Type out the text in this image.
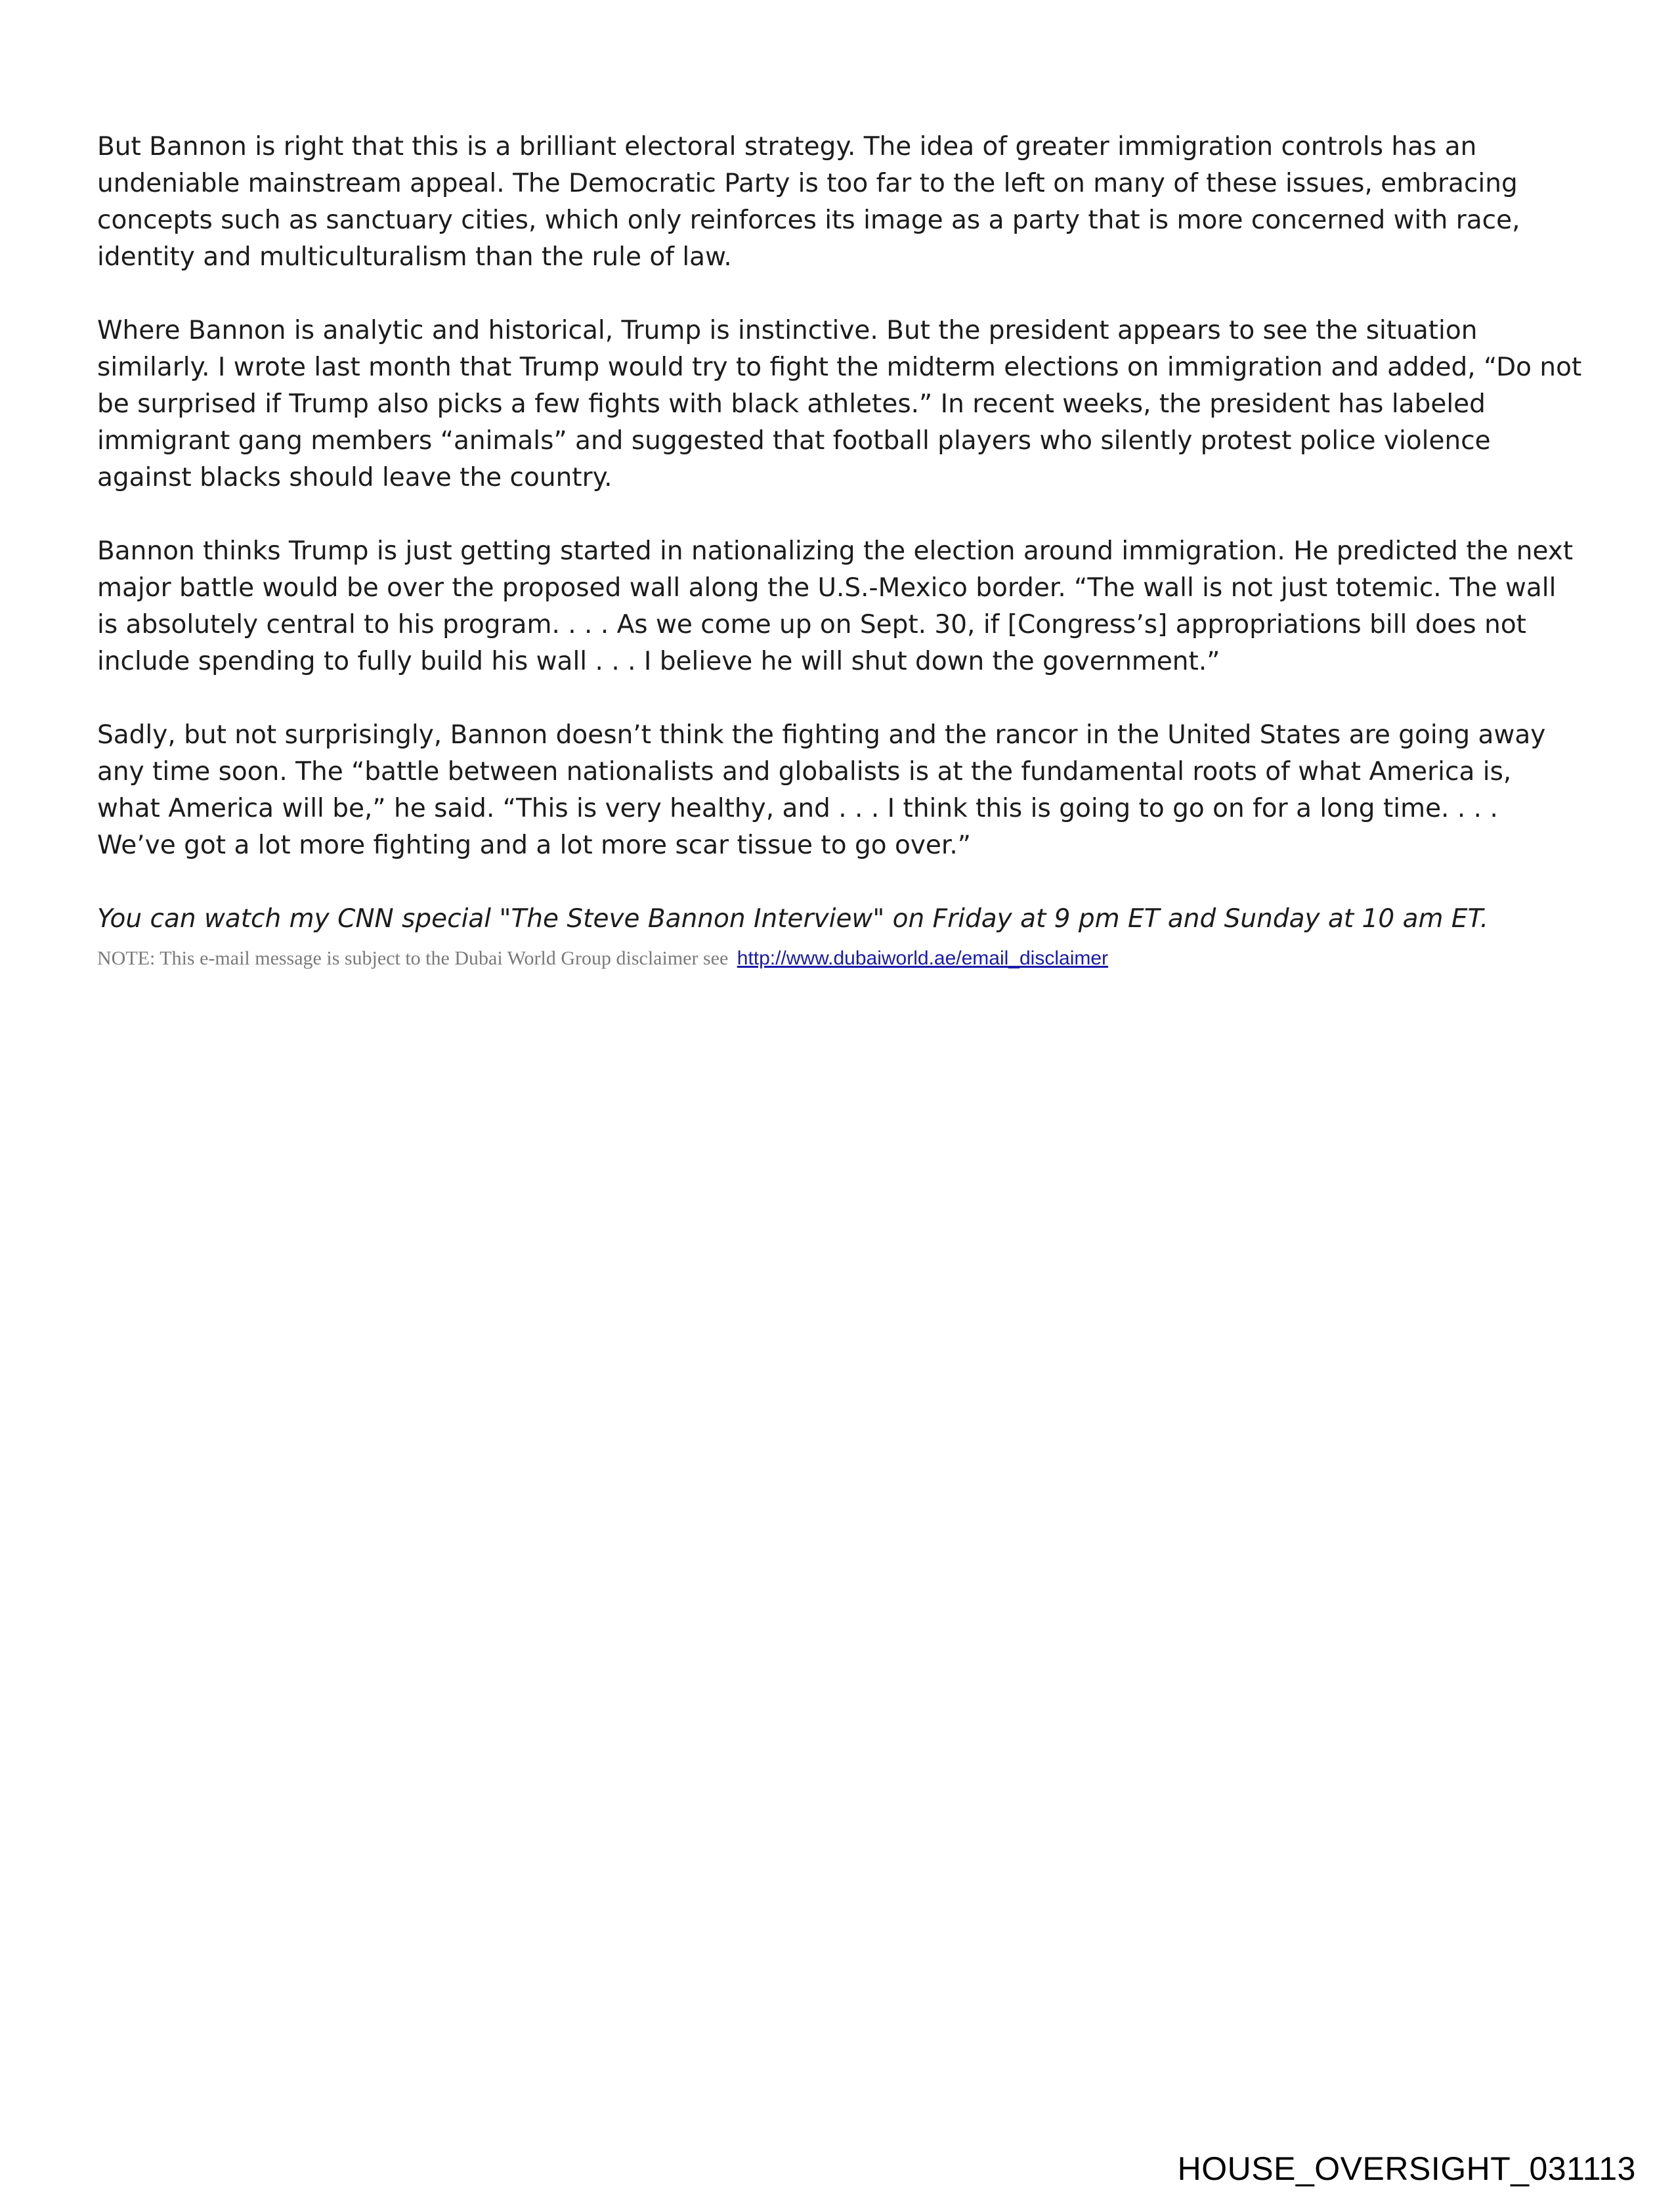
But Bannon is right that this is a brilliant electoral strategy. The idea of greater immigration controls has an undeniable mainstream appeal. The Democratic Party is too far to the left on many of these issues, embracing concepts such as sanctuary cities, which only reinforces its image as a party that is more concerned with race, identity and multiculturalism than the rule of law.

Where Bannon is analytic and historical, Trump is instinctive. But the president appears to see the situation similarly. I wrote last month that Trump would try to fight the midterm elections on immigration and added, “Do not be surprised if Trump also picks a few fights with black athletes.” In recent weeks, the president has labeled immigrant gang members “animals” and suggested that football players who silently protest police violence against blacks should leave the country.

Bannon thinks Trump is just getting started in nationalizing the election around immigration. He predicted the next major battle would be over the proposed wall along the U.S.-Mexico border. “The wall is not just totemic. The wall is absolutely central to his program. . . . As we come up on Sept. 30, if [Congress’s] appropriations bill does not include spending to fully build his wall . . . I believe he will shut down the government.”

Sadly, but not surprisingly, Bannon doesn’t think the fighting and the rancor in the United States are going away any time soon. The “battle between nationalists and globalists is at the fundamental roots of what America is, what America will be,” he said. “This is very healthy, and . . . I think this is going to go on for a long time. . . . We’ve got a lot more fighting and a lot more scar tissue to go over.”

You can watch my CNN special "The Steve Bannon Interview" on Friday at 9 pm ET and Sunday at 10 am ET.

NOTE: This e-mail message is subject to the Dubai World Group disclaimer see http://www.dubaiworld.ae/email_disclaimer

HOUSE_OVERSIGHT_031113
